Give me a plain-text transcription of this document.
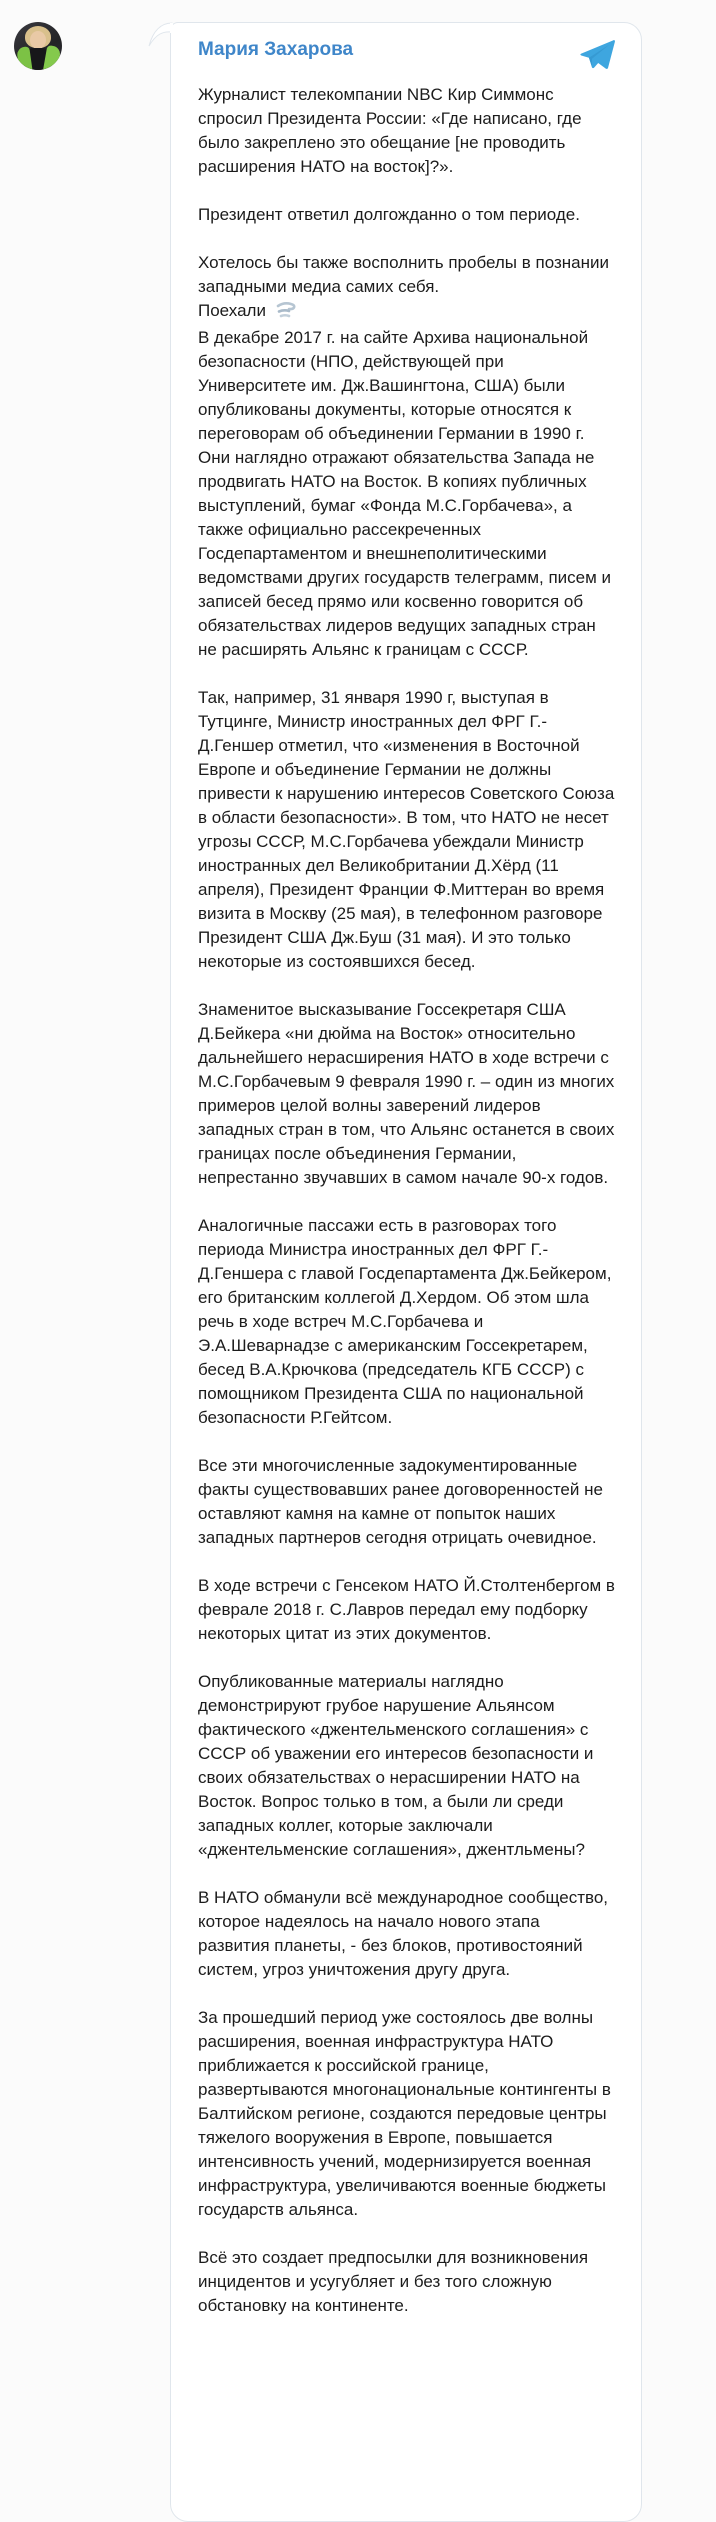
Мария Захарова

Журналист телекомпании NBC Кир Симмонс спросил Президента России: «Где написано, где было закреплено это обещание [не проводить расширения НАТО на восток]?».

Президент ответил долгожданно о том периоде.

Хотелось бы также восполнить пробелы в познании западными медиа самих себя.
Поехали
В декабре 2017 г. на сайте Архива национальной безопасности (НПО, действующей при Университете им. Дж.Вашингтона, США) были опубликованы документы, которые относятся к переговорам об объединении Германии в 1990 г. Они наглядно отражают обязательства Запада не продвигать НАТО на Восток. В копиях публичных выступлений, бумаг «Фонда М.С.Горбачева», а также официально рассекреченных Госдепартаментом и внешнеполитическими ведомствами других государств телеграмм, писем и записей бесед прямо или косвенно говорится об обязательствах лидеров ведущих западных стран не расширять Альянс к границам с СССР.

Так, например, 31 января 1990 г, выступая в Тутцинге, Министр иностранных дел ФРГ Г.-Д.Геншер отметил, что «изменения в Восточной Европе и объединение Германии не должны привести к нарушению интересов Советского Союза в области безопасности». В том, что НАТО не несет угрозы СССР, М.С.Горбачева убеждали Министр иностранных дел Великобритании Д.Хёрд (11 апреля), Президент Франции Ф.Миттеран во время визита в Москву (25 мая), в телефонном разговоре Президент США Дж.Буш (31 мая). И это только некоторые из состоявшихся бесед.

Знаменитое высказывание Госсекретаря США Д.Бейкера «ни дюйма на Восток» относительно дальнейшего нерасширения НАТО в ходе встречи с М.С.Горбачевым 9 февраля 1990 г. – один из многих примеров целой волны заверений лидеров западных стран в том, что Альянс останется в своих границах после объединения Германии, непрестанно звучавших в самом начале 90-х годов.

Аналогичные пассажи есть в разговорах того периода Министра иностранных дел ФРГ Г.-Д.Геншера с главой Госдепартамента Дж.Бейкером, его британским коллегой Д.Хердом. Об этом шла речь в ходе встреч М.С.Горбачева и Э.А.Шеварнадзе с американским Госсекретарем, бесед В.А.Крючкова (председатель КГБ СССР) с помощником Президента США по национальной безопасности Р.Гейтсом.

Все эти многочисленные задокументированные факты существовавших ранее договоренностей не оставляют камня на камне от попыток наших западных партнеров сегодня отрицать очевидное.

В ходе встречи с Генсеком НАТО Й.Столтенбергом в феврале 2018 г. С.Лавров передал ему подборку некоторых цитат из этих документов.

Опубликованные материалы наглядно демонстрируют грубое нарушение Альянсом фактического «джентельменского соглашения» с СССР об уважении его интересов безопасности и своих обязательствах о нерасширении НАТО на Восток. Вопрос только в том, а были ли среди западных коллег, которые заключали «джентельменские соглашения», джентльмены?

В НАТО обманули всё международное сообщество, которое надеялось на начало нового этапа развития планеты, - без блоков, противостояний систем, угроз уничтожения другу друга.

За прошедший период уже состоялось две волны расширения, военная инфраструктура НАТО приближается к российской границе, развертываются многонациональные контингенты в Балтийском регионе, создаются передовые центры тяжелого вооружения в Европе, повышается интенсивность учений, модернизируется военная инфраструктура, увеличиваются военные бюджеты государств альянса.

Всё это создает предпосылки для возникновения инцидентов и усугубляет и без того сложную обстановку на континенте.
